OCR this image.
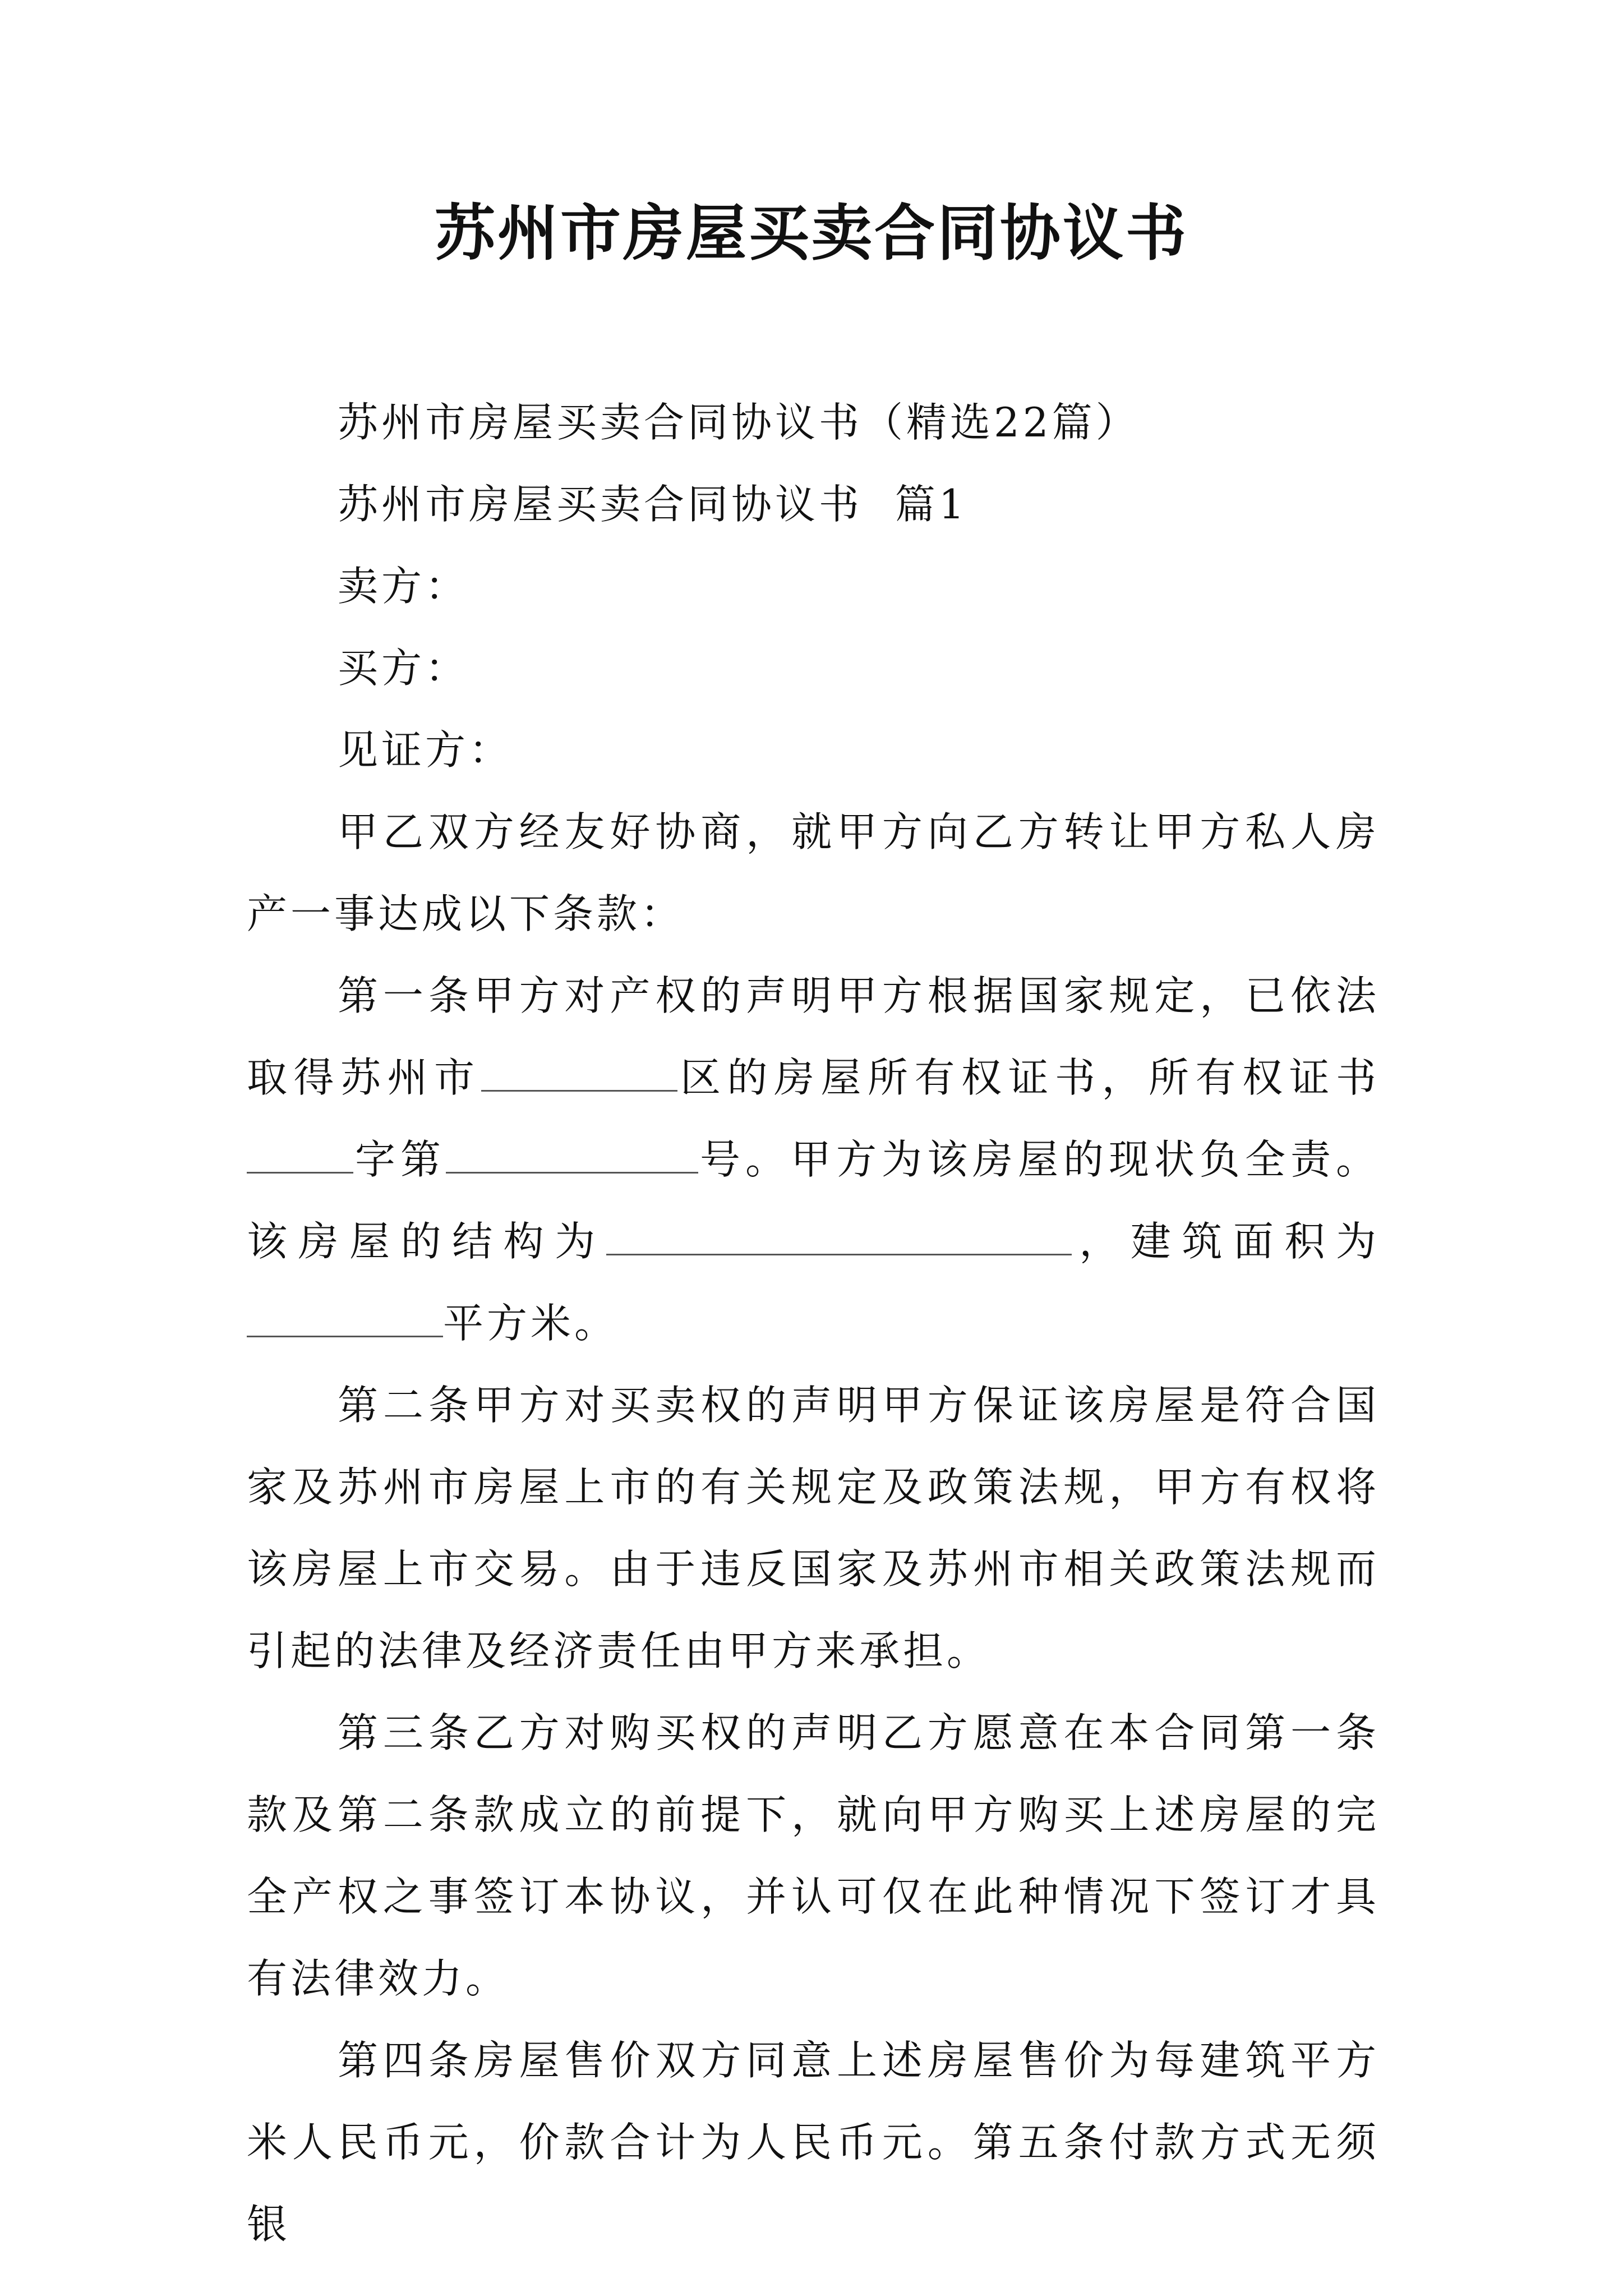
苏州市房屋买卖合同协议书

苏州市房屋买卖合同协议书（精选22篇）

苏州市房屋买卖合同协议书  篇1

卖方：

买方：

见证方：

甲乙双方经友好协商，就甲方向乙方转让甲方私人房产一事达成以下条款：

第一条甲方对产权的声明甲方根据国家规定，已依法取得苏州市	区的房屋所有权证书，所有权证书字第	号。甲方为该房屋的现状负全责。该房屋的结构为	，建筑面积为平方米。

第二条甲方对买卖权的声明甲方保证该房屋是符合国家及苏州市房屋上市的有关规定及政策法规，甲方有权将该房屋上市交易。由于违反国家及苏州市相关政策法规而引起的法律及经济责任由甲方来承担。

第三条乙方对购买权的声明乙方愿意在本合同第一条款及第二条款成立的前提下，就向甲方购买上述房屋的完全产权之事签订本协议，并认可仅在此种情况下签订才具有法律效力。

第四条房屋售价双方同意上述房屋售价为每建筑平方米人民币元，价款合计为人民币元。第五条付款方式无须银
